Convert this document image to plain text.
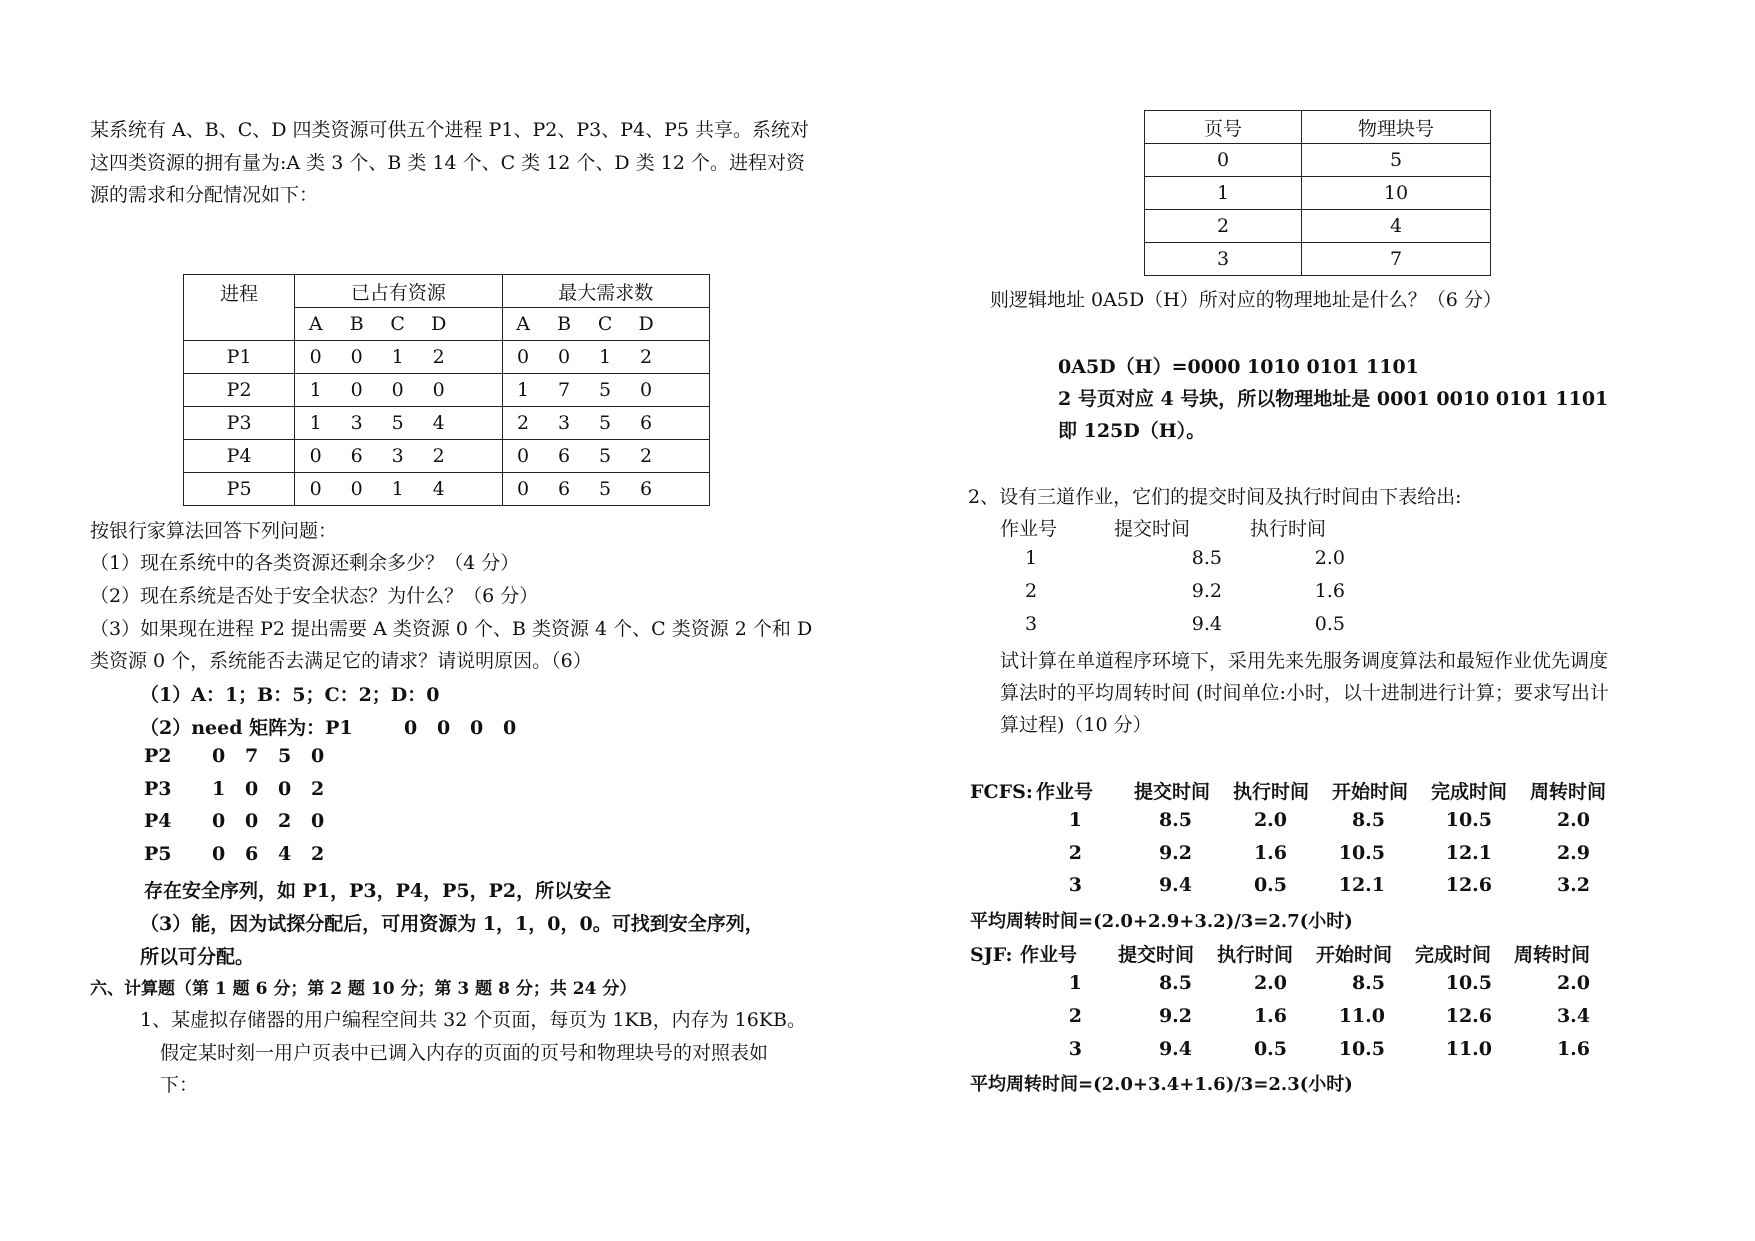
某系统有 A、B、C、D 四类资源可供五个进程 P1、P2、P3、P4、P5 共享。系统对
这四类资源的拥有量为:A 类 3 个、B 类 14 个、C 类 12 个、D 类 12 个。进程对资
源的需求和分配情况如下：
进程	已占有资源	最大需求数

	A B C D	A B C D

P1	0 0 1 2	0 0 1 2

P2	1 0 0 0	1 7 5 0

P3	1 3 5 4	2 3 5 6

P4	0 6 3 2	0 6 5 2

P5	0 0 1 4	0 6 5 6
按银行家算法回答下列问题：
（1）现在系统中的各类资源还剩余多少？（4 分）
（2）现在系统是否处于安全状态？为什么？（6 分）
（3）如果现在进程 P2 提出需要 A 类资源 0 个、B 类资源 4 个、C 类资源 2 个和 D
类资源 0 个，系统能否去满足它的请求？请说明原因。（6）
（1）A：1；B：5；C：2；D：0
（2）need 矩阵为：P1	0 0 0 0
P2 0 7 5 0
P3 1 0 0 2
P4 0 0 2 0
P5 0 6 4 2
存在安全序列，如 P1，P3，P4，P5，P2，所以安全
（3）能，因为试探分配后，可用资源为 1，1，0，0。可找到安全序列，
所以可分配。
六、计算题（第 1 题 6 分；第 2 题 10 分；第 3 题 8 分；共 24 分）
1、某虚拟存储器的用户编程空间共 32 个页面，每页为 1KB，内存为 16KB。
假定某时刻一用户页表中已调入内存的页面的页号和物理块号的对照表如
下：
页号	物理块号
0	5
1	10
2	4
3	7
则逻辑地址 0A5D（H）所对应的物理地址是什么？（6 分）
0A5D（H）=0000 1010 0101 1101
2 号页对应 4 号块，所以物理地址是 0001 0010 0101 1101
即 125D（H）。
2、设有三道作业，它们的提交时间及执行时间由下表给出:
作业号	提交时间	执行时间
1	8.5	2.0
2	9.2	1.6
3	9.4	0.5
试计算在单道程序环境下，采用先来先服务调度算法和最短作业优先调度
算法时的平均周转时间 (时间单位:小时，以十进制进行计算；要求写出计
算过程)（10 分）
FCFS: 作业号 提交时间 执行时间 开始时间 完成时间 周转时间
1	8.5	2.0	8.5	10.5	2.0
2	9.2	1.6	10.5	12.1	2.9
3	9.4	0.5	12.1	12.6	3.2
平均周转时间=(2.0+2.9+3.2)/3=2.7(小时)
SJF: 作业号 提交时间 执行时间 开始时间 完成时间 周转时间
1	8.5	2.0	8.5	10.5	2.0
2	9.2	1.6	11.0	12.6	3.4
3	9.4	0.5	10.5	11.0	1.6
平均周转时间=(2.0+3.4+1.6)/3=2.3(小时)
